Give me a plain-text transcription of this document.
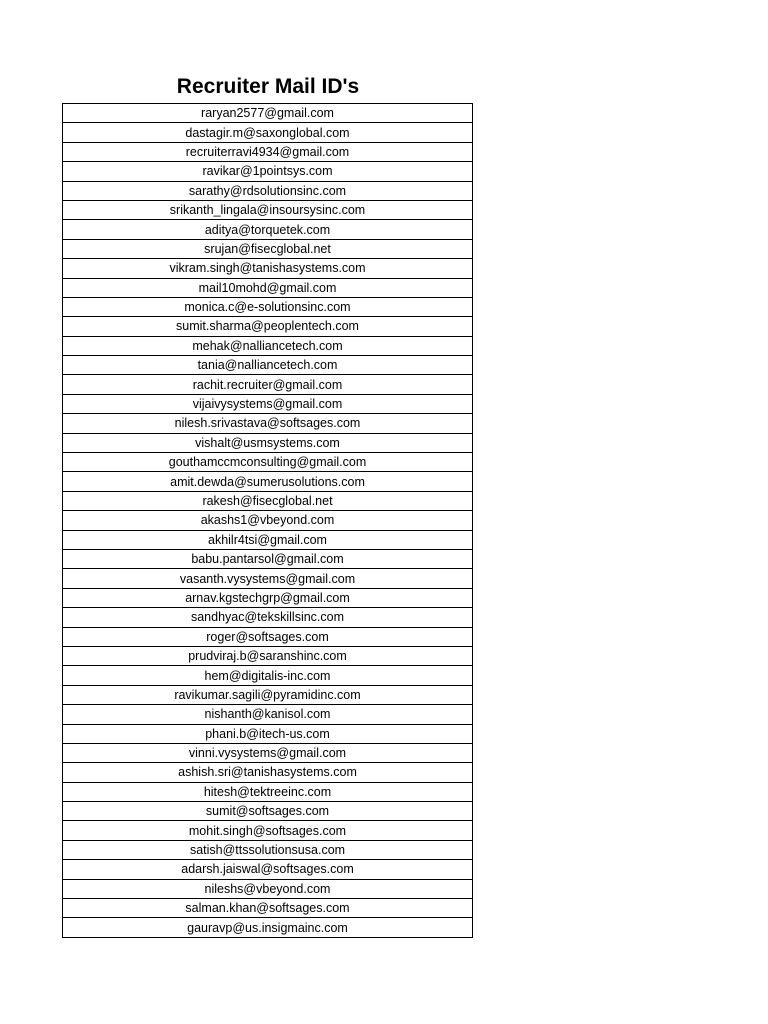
Recruiter Mail ID's
raryan2577@gmail.com
dastagir.m@saxonglobal.com
recruiterravi4934@gmail.com
ravikar@1pointsys.com
sarathy@rdsolutionsinc.com
srikanth_lingala@insoursysinc.com
aditya@torquetek.com
srujan@fisecglobal.net
vikram.singh@tanishasystems.com
mail10mohd@gmail.com
monica.c@e-solutionsinc.com
sumit.sharma@peoplentech.com
mehak@nalliancetech.com
tania@nalliancetech.com
rachit.recruiter@gmail.com
vijaivysystems@gmail.com
nilesh.srivastava@softsages.com
vishalt@usmsystems.com
gouthamccmconsulting@gmail.com
amit.dewda@sumerusolutions.com
rakesh@fisecglobal.net
akashs1@vbeyond.com
akhilr4tsi@gmail.com
babu.pantarsol@gmail.com
vasanth.vysystems@gmail.com
arnav.kgstechgrp@gmail.com
sandhyac@tekskillsinc.com
roger@softsages.com
prudviraj.b@saranshinc.com
hem@digitalis-inc.com
ravikumar.sagili@pyramidinc.com
nishanth@kanisol.com
phani.b@itech-us.com
vinni.vysystems@gmail.com
ashish.sri@tanishasystems.com
hitesh@tektreeinc.com
sumit@softsages.com
mohit.singh@softsages.com
satish@ttssolutionsusa.com
adarsh.jaiswal@softsages.com
nileshs@vbeyond.com
salman.khan@softsages.com
gauravp@us.insigmainc.com
